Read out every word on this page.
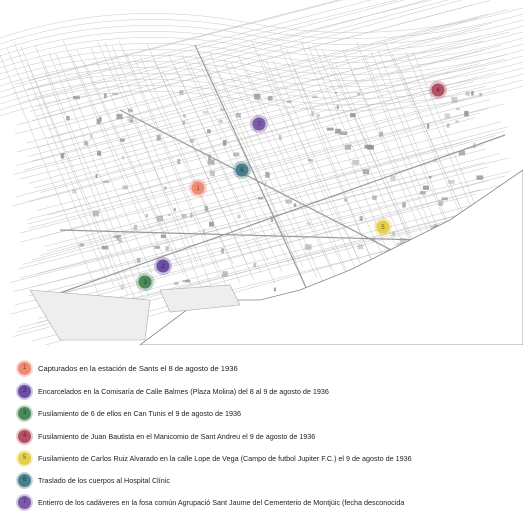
1
2
3
4
5
6
7
1	Capturados en la estación de Sants el 8 de agosto de 1936
2	Encarcelados en la Comisaría de Calle Balmes (Plaza Molina) del 8 al 9 de agosto de 1936
3	Fusilamiento de 6 de ellos en Can Tunis el 9 de agosto de 1936
4	Fusilamiento de Juan Bautista en el Manicomio de Sant Andreu el 9 de agosto de 1936
5	Fusilamiento de Carlos Ruiz Alvarado en la calle Lope de Vega (Campo de futbol Jupiter F.C.) el 9 de agosto de 1936
6	Traslado de los cuerpos al Hospital Clínic
7	Entierro de los cadáveres en la fosa común Agrupació Sant Jaume del Cementerio de Montjüic (fecha desconocida
